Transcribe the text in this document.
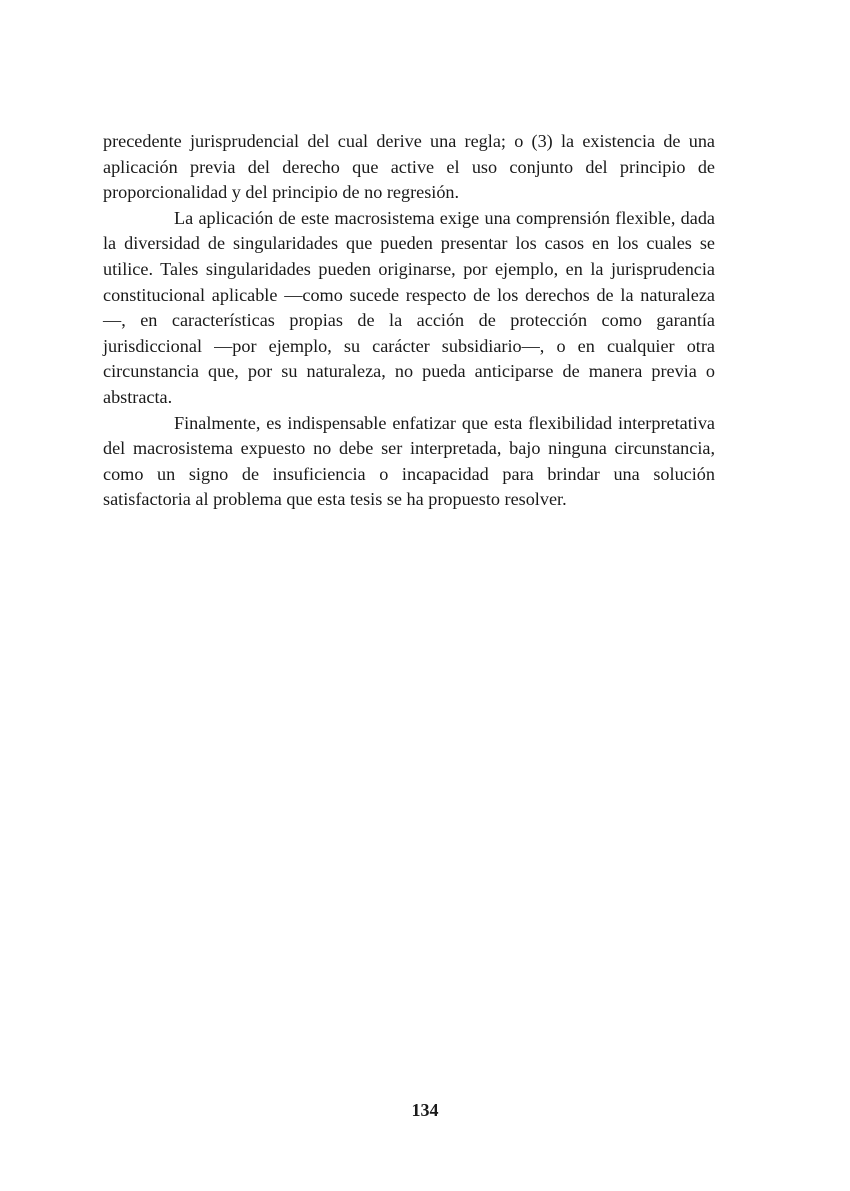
precedente jurisprudencial del cual derive una regla; o (3) la existencia de una aplicación previa del derecho que active el uso conjunto del principio de proporcionalidad y del principio de no regresión.

La aplicación de este macrosistema exige una comprensión flexible, dada la diversidad de singularidades que pueden presentar los casos en los cuales se utilice. Tales singularidades pueden originarse, por ejemplo, en la jurisprudencia constitucional aplicable —como sucede respecto de los derechos de la naturaleza—, en características propias de la acción de protección como garantía jurisdiccional —por ejemplo, su carácter subsidiario—, o en cualquier otra circunstancia que, por su naturaleza, no pueda anticiparse de manera previa o abstracta.

Finalmente, es indispensable enfatizar que esta flexibilidad interpretativa del macrosistema expuesto no debe ser interpretada, bajo ninguna circunstancia, como un signo de insuficiencia o incapacidad para brindar una solución satisfactoria al problema que esta tesis se ha propuesto resolver.

134
